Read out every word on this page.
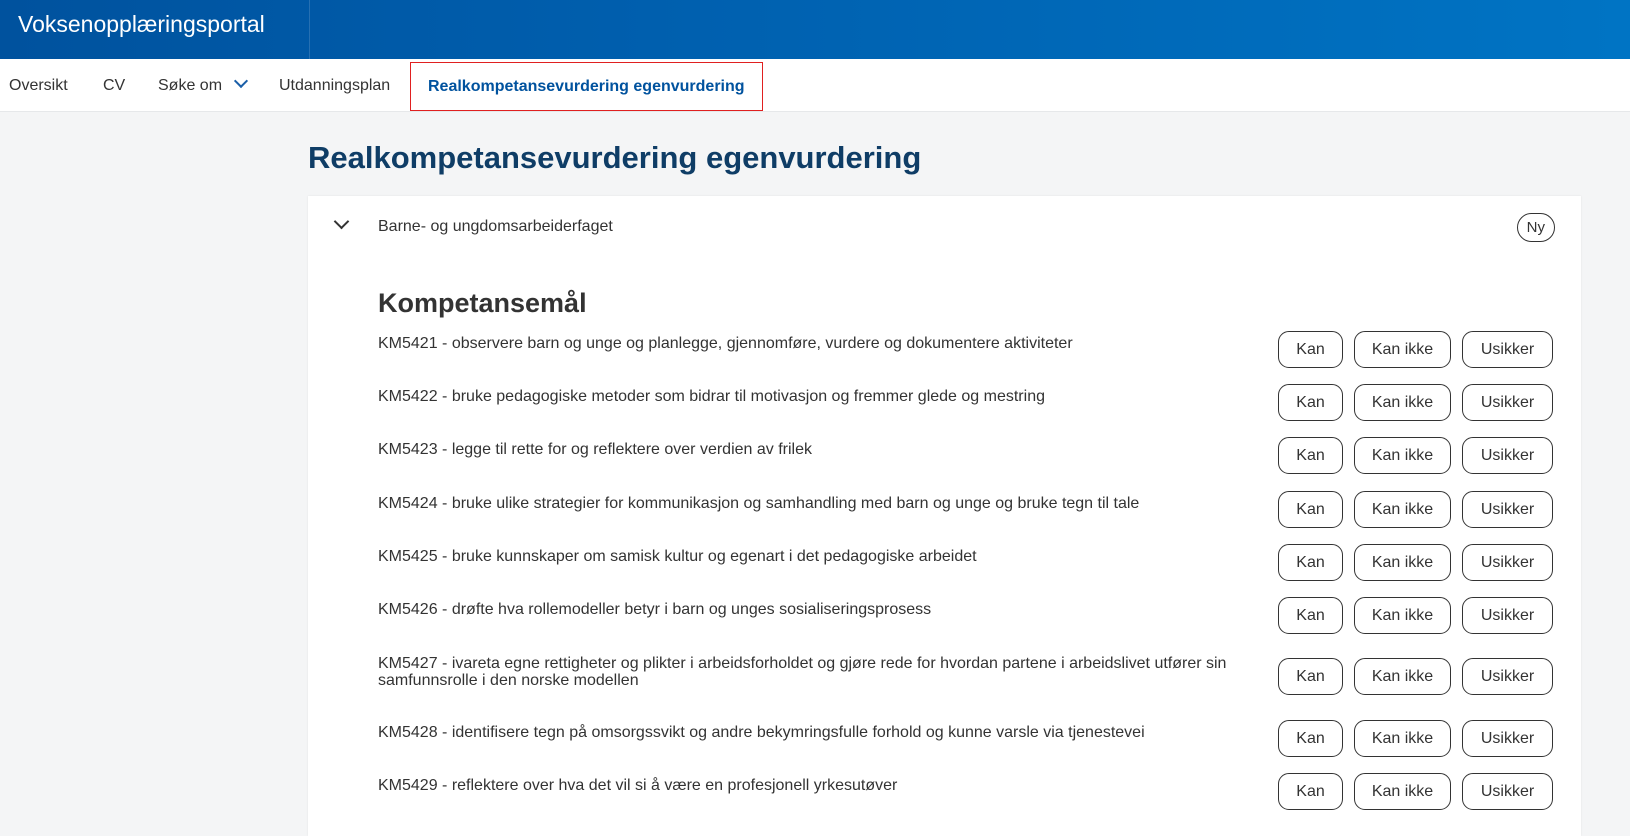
Voksenopplæringsportal
Oversikt CV Søke om	Utdanningsplan	Realkompetansevurdering egenvurdering
Realkompetansevurdering egenvurdering
Barne- og ungdomsarbeiderfaget	Ny
Kompetansemål
KM5421 - observere barn og unge og planlegge, gjennomføre, vurdere og dokumentere aktiviteter	Kan	Kan ikke	Usikker
KM5422 - bruke pedagogiske metoder som bidrar til motivasjon og fremmer glede og mestring	Kan	Kan ikke	Usikker
KM5423 - legge til rette for og reflektere over verdien av frilek	Kan	Kan ikke	Usikker
KM5424 - bruke ulike strategier for kommunikasjon og samhandling med barn og unge og bruke tegn til tale	Kan	Kan ikke	Usikker
KM5425 - bruke kunnskaper om samisk kultur og egenart i det pedagogiske arbeidet	Kan	Kan ikke	Usikker
KM5426 - drøfte hva rollemodeller betyr i barn og unges sosialiseringsprosess	Kan	Kan ikke	Usikker
KM5427 - ivareta egne rettigheter og plikter i arbeidsforholdet og gjøre rede for hvordan partene i arbeidslivet utfører sin samfunnsrolle i den norske modellen	Kan	Kan ikke	Usikker
KM5428 - identifisere tegn på omsorgssvikt og andre bekymringsfulle forhold og kunne varsle via tjenestevei	Kan	Kan ikke	Usikker
KM5429 - reflektere over hva det vil si å være en profesjonell yrkesutøver	Kan	Kan ikke	Usikker
